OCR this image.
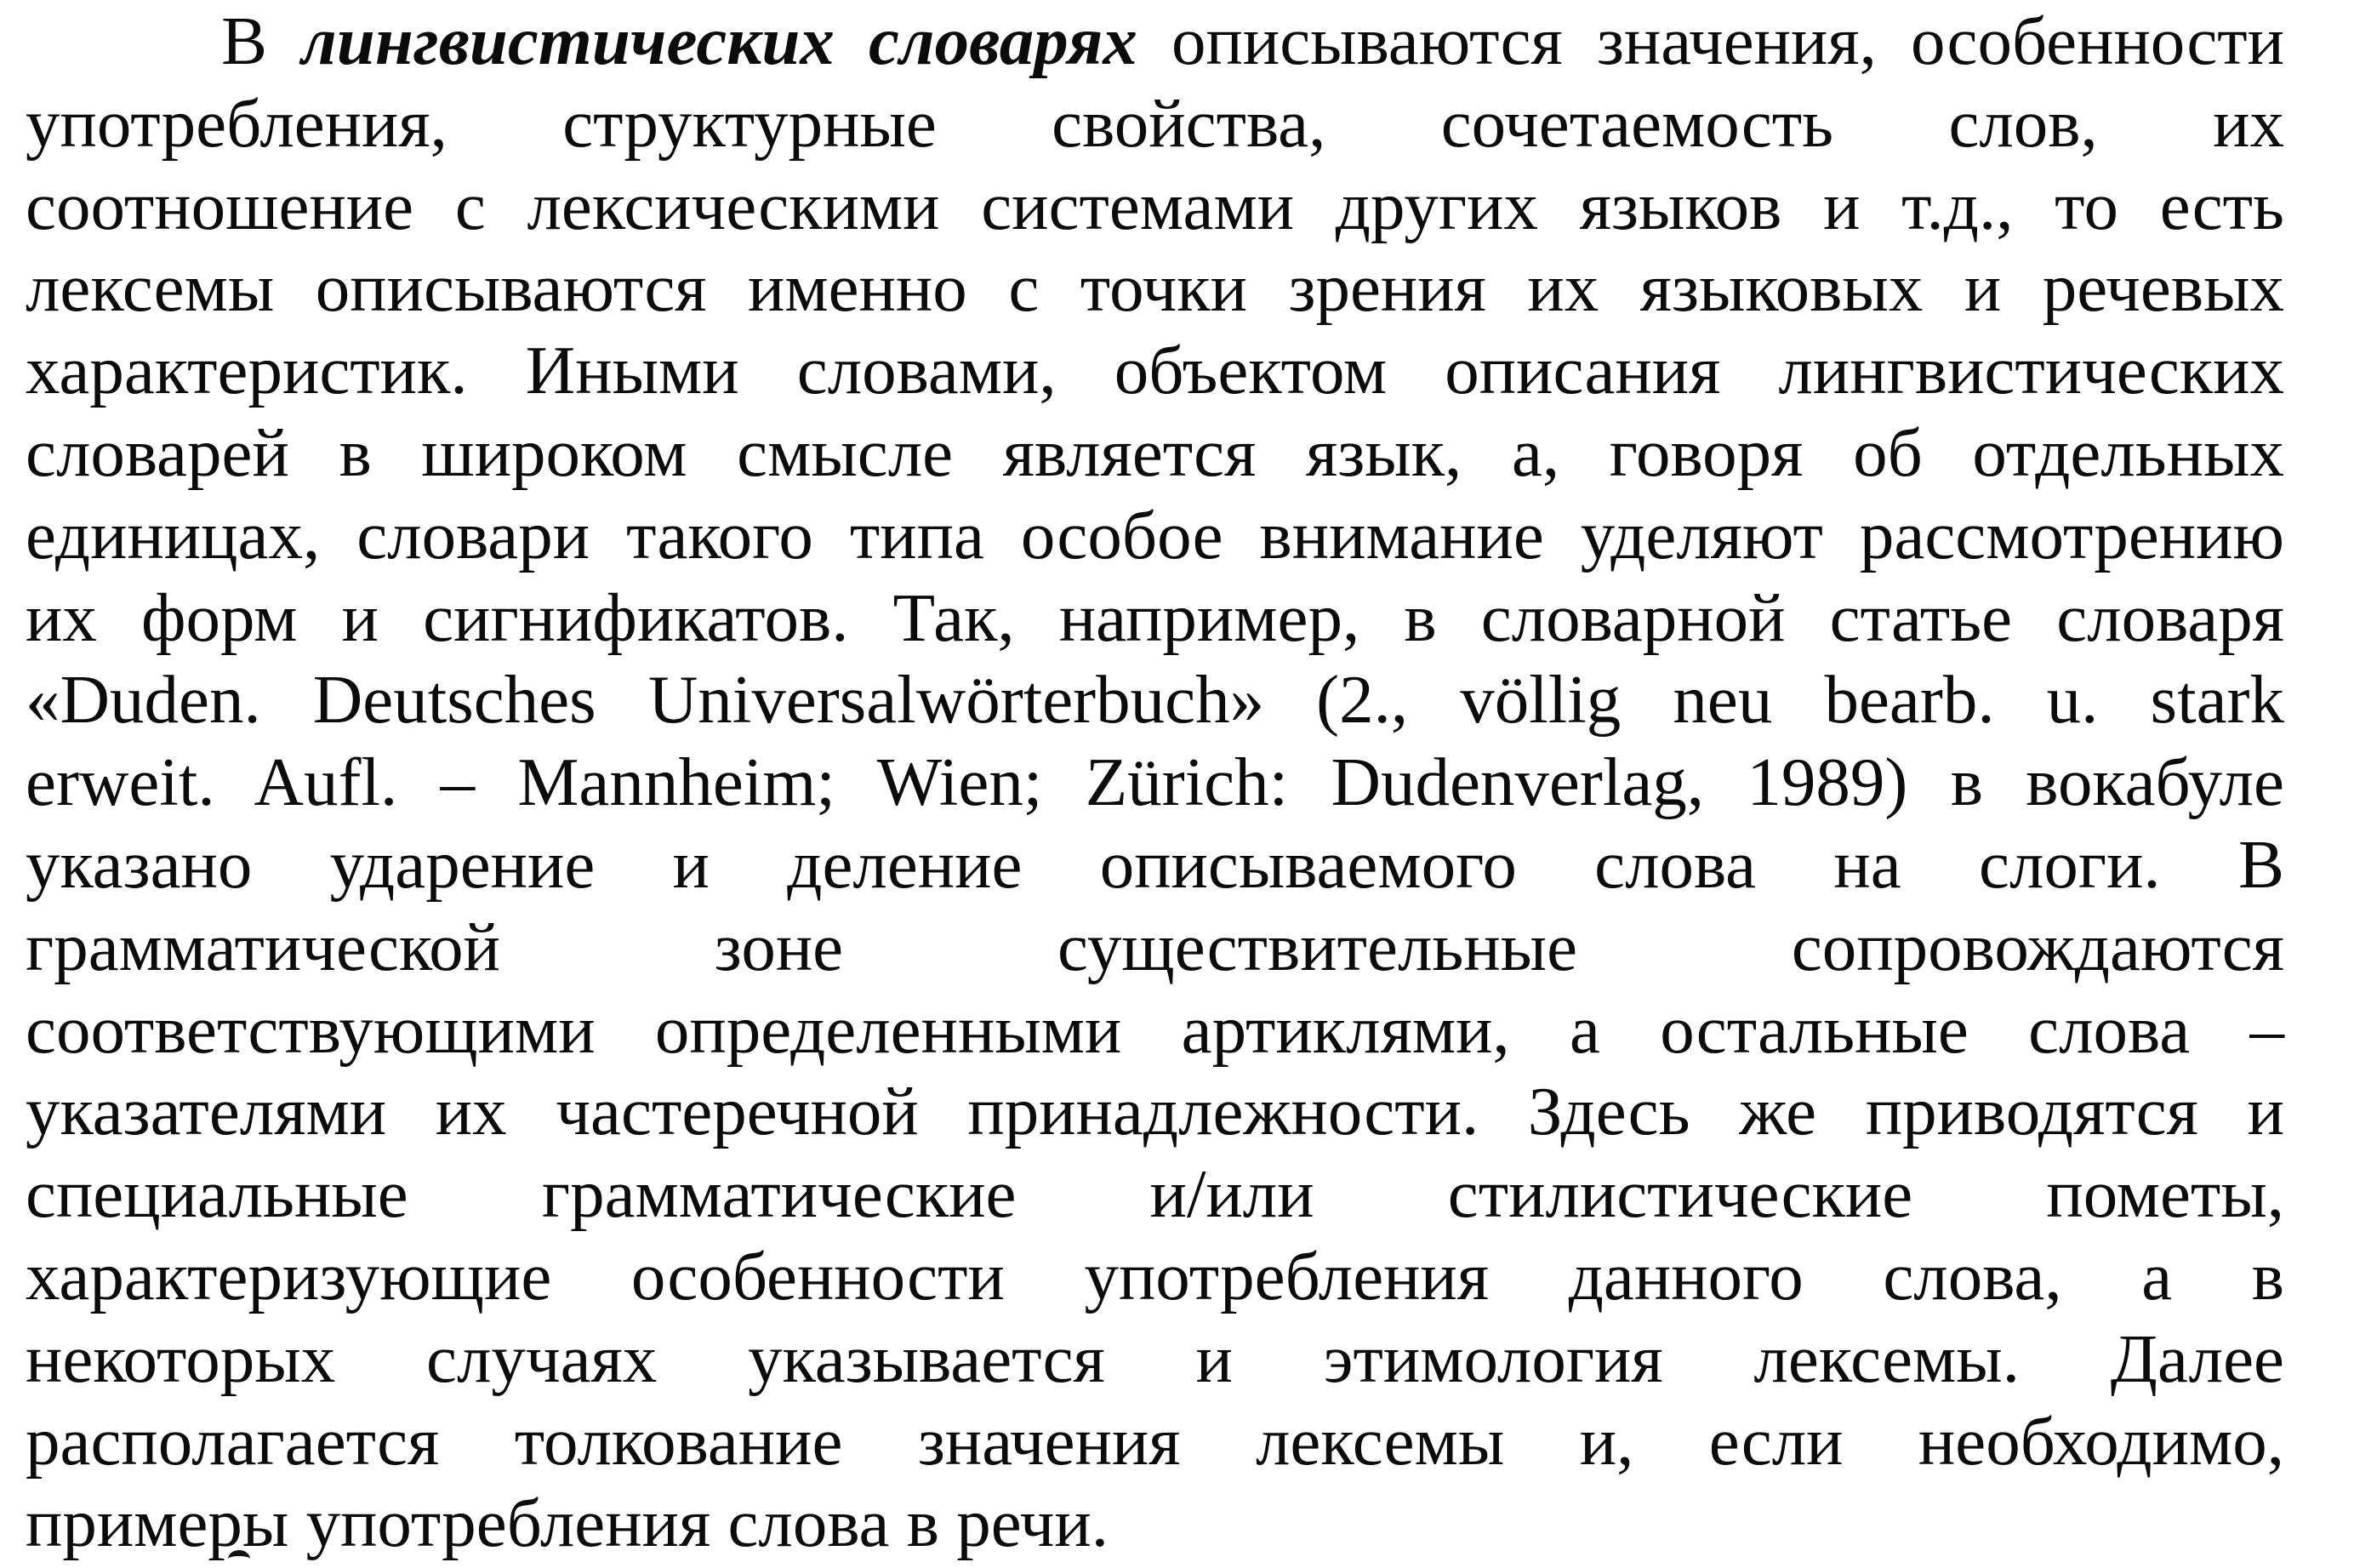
В лингвистических словарях описываются значения, особенности
употребления, структурные свойства, сочетаемость слов, их
соотношение с лексическими системами других языков и т.д., то есть
лексемы описываются именно с точки зрения их языковых и речевых
характеристик. Иными словами, объектом описания лингвистических
словарей в широком смысле является язык, а, говоря об отдельных
единицах, словари такого типа особое внимание уделяют рассмотрению
их форм и сигнификатов. Так, например, в словарной статье словаря
«Duden. Deutsches Universalwörterbuch» (2., völlig neu bearb. u. stark
erweit. Aufl. – Mannheim; Wien; Zürich: Dudenverlag, 1989) в вокабуле
указано ударение и деление описываемого слова на слоги. В
грамматической зоне существительные сопровождаются
соответствующими определенными артиклями, а остальные слова –
указателями их частеречной принадлежности. Здесь же приводятся и
специальные грамматические и/или стилистические пометы,
характеризующие особенности употребления данного слова, а в
некоторых случаях указывается и этимология лексемы. Далее
располагается толкование значения лексемы и, если необходимо,
примеры употребления слова в речи.
